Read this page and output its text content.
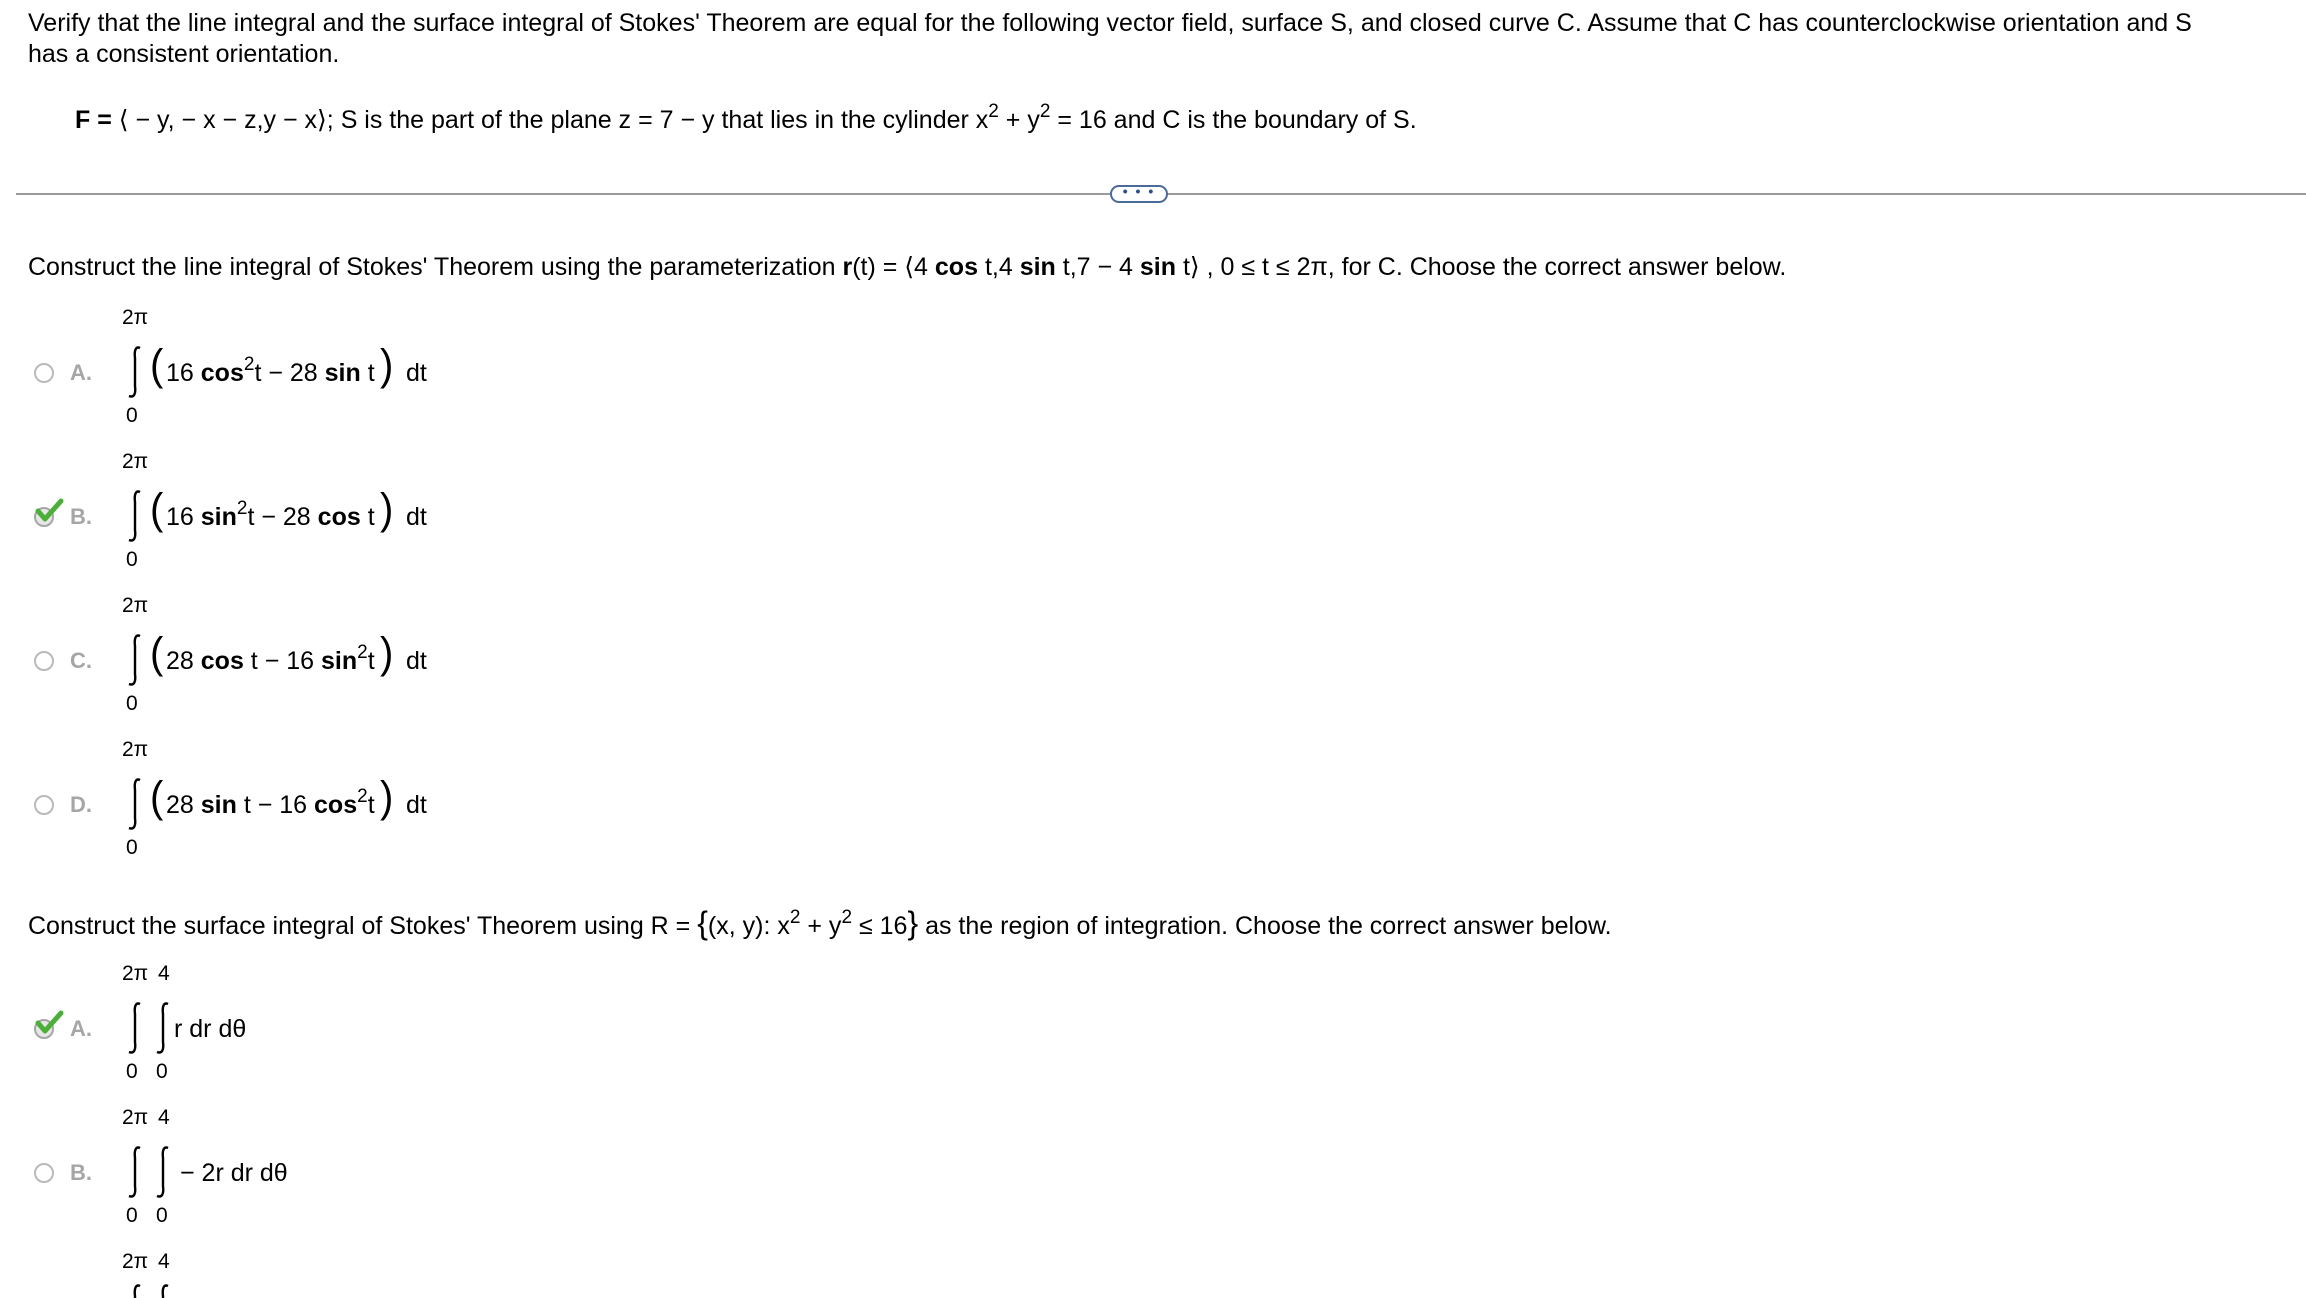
Verify that the line integral and the surface integral of Stokes' Theorem are equal for the following vector field, surface S, and closed curve C. Assume that C has counterclockwise orientation and S
has a consistent orientation.
F = ⟨ − y, − x − z,y − x⟩; S is the part of the plane z = 7 − y that lies in the cylinder $x^2 + y^2 = 16$ and C is the boundary of S.
• • •
Construct the line integral of Stokes' Theorem using the parameterization r(t) = ⟨4 cos t,4 sin t,7 − 4 sin t⟩ , 0 ≤ t ≤ 2π, for C. Choose the correct answer below.
A.
2π
0
( 16 $\cos^2t - 28$ sin t ) dt
B.
2π
0
( 16 $\sin^2t - 28$ cos t ) dt
C.
2π
0
( 28 cos t − 16 $\sin^2t$ ) dt
D.
2π
0
( 28 sin t − 16 $\cos^2t$ ) dt
Construct the surface integral of Stokes' Theorem using R = {(x, y): $x^2 + y^2 \le 16$} as the region of integration. Choose the correct answer below.
A.
2π 4
0 0
r dr dθ
B.
2π 4
0 0
− 2r dr dθ
2π 4
